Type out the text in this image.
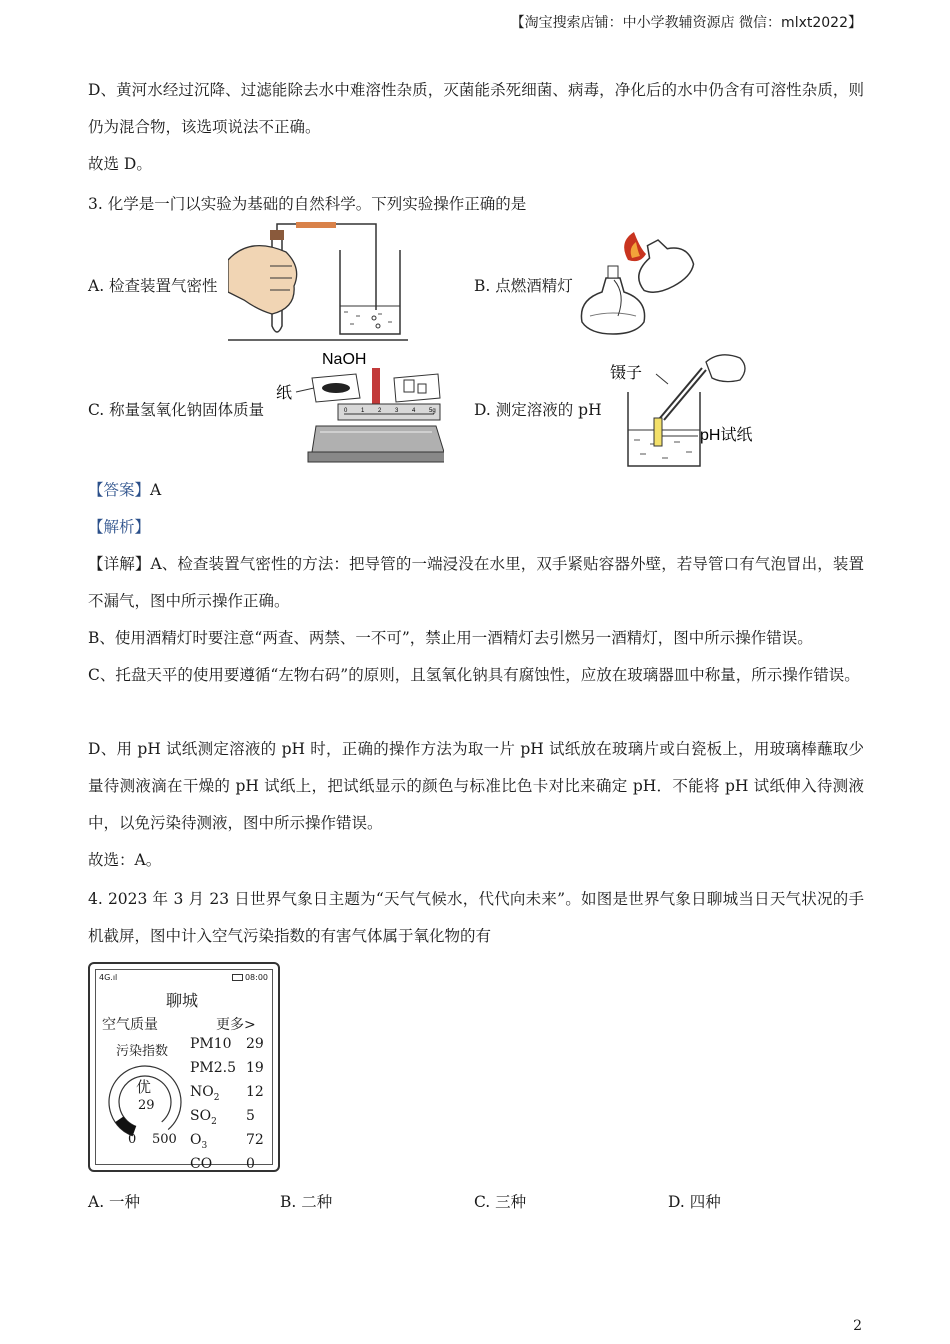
【淘宝搜索店铺：中小学教辅资源店 微信：mlxt2022】

D、黄河水经过沉降、过滤能除去水中难溶性杂质，灭菌能杀死细菌、病毒，净化后的水中仍含有可溶性杂质，则仍为混合物，该选项说法不正确。

故选 D。

3. 化学是一门以实验为基础的自然科学。下列实验操作正确的是

A. 检查装置气密性	B. 点燃酒精灯
C. 称量氢氧化钠固体质量	D. 测定溶液的 pH
NaOH
纸
0 1 2 3 4 5g
镊子
pH试纸

【答案】A

【解析】

【详解】A、检查装置气密性的方法：把导管的一端浸没在水里，双手紧贴容器外壁，若导管口有气泡冒出，装置不漏气，图中所示操作正确。

B、使用酒精灯时要注意“两查、两禁、一不可”，禁止用一酒精灯去引燃另一酒精灯，图中所示操作错误。

C、托盘天平的使用要遵循“左物右码”的原则，且氢氧化钠具有腐蚀性，应放在玻璃器皿中称量，所示操作错误。

D、用 pH 试纸测定溶液的 pH 时，正确的操作方法为取一片 pH 试纸放在玻璃片或白瓷板上，用玻璃棒蘸取少量待测液滴在干燥的 pH 试纸上，把试纸显示的颜色与标准比色卡对比来确定 pH．不能将 pH 试纸伸入待测液中，以免污染待测液，图中所示操作错误。

故选：A。

4. 2023 年 3 月 23 日世界气象日主题为“天气气候水，代代向未来”。如图是世界气象日聊城当日天气状况的手机截屏，图中计入空气污染指数的有害气体属于氧化物的有

4G.ıl	08:00
聊城
空气质量	更多>
污染指数
优
29
0 500
PM10 29
PM2.5 19
$NO_2$ 12
$SO_2$ 5
$O_3$	72
CO 0
A. 一种	B. 二种	C. 三种	D. 四种
2
